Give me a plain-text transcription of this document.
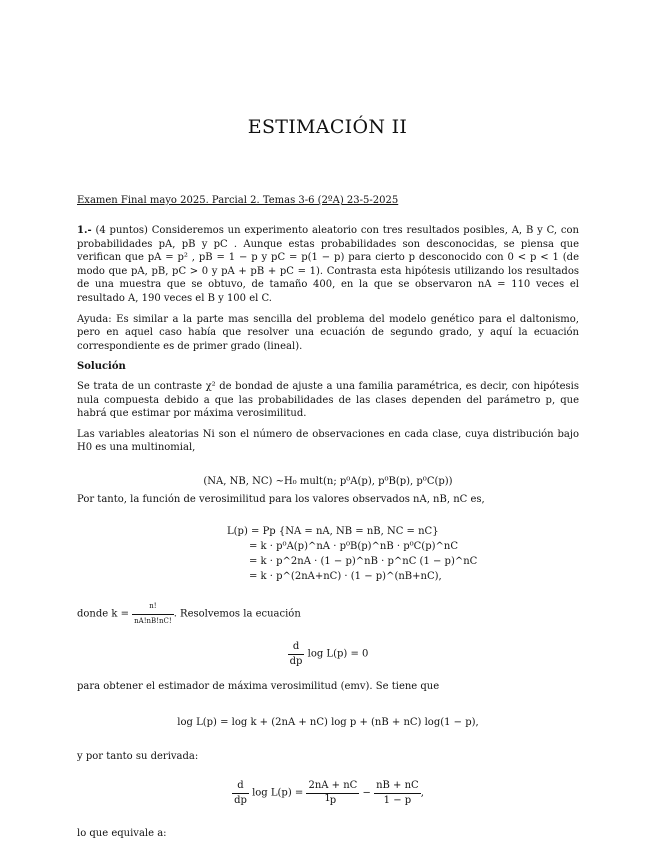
ESTIMACIÓN II
Examen Final mayo 2025. Parcial 2. Temas 3-6 (2ºA) 23-5-2025

1.- (4 puntos) Consideremos un experimento aleatorio con tres resultados posibles, A, B y C, con probabilidades pA, pB y pC . Aunque estas probabilidades son desconocidas, se piensa que verifican que pA = p² , pB = 1 − p y pC = p(1 − p) para cierto p desconocido con 0 < p < 1 (de modo que pA, pB, pC > 0 y pA + pB + pC = 1). Contrasta esta hipótesis utilizando los resultados de una muestra que se obtuvo, de tamaño 400, en la que se observaron nA = 110 veces el resultado A, 190 veces el B y 100 el C.

Ayuda: Es similar a la parte mas sencilla del problema del modelo genético para el daltonismo, pero en aquel caso había que resolver una ecuación de segundo grado, y aquí la ecuación correspondiente es de primer grado (lineal).

Solución

Se trata de un contraste χ² de bondad de ajuste a una familia paramétrica, es decir, con hipótesis nula compuesta debido a que las probabilidades de las clases dependen del parámetro p, que habrá que estimar por máxima verosimilitud.

Las variables aleatorias Ni son el número de observaciones en cada clase, cuya distribución bajo H0 es una multinomial,

(NA, NB, NC) ~H₀ mult(n; p⁰A(p), p⁰B(p), p⁰C(p))

Por tanto, la función de verosimilitud para los valores observados nA, nB, nC es,

L(p) = Pp {NA = nA, NB = nB, NC = nC}
= k · p⁰A(p)^nA · p⁰B(p)^nB · p⁰C(p)^nC
= k · p^2nA · (1 − p)^nB · p^nC (1 − p)^nC
= k · p^(2nA+nC) · (1 − p)^(nB+nC),

donde $k = \frac{n!}{nA!nB!nC!}$ . Resolvemos la ecuación

$\frac{d}{dp}$ log L(p) = 0

para obtener el estimador de máxima verosimilitud (emv). Se tiene que

log L(p) = log k + (2nA + nC) log p + (nB + nC) log(1 − p),

y por tanto su derivada:

$\frac{d}{dp}$ $\log L(p) = \frac{2nA + nC}{p} - \frac{nB + nC}{1 - p}$ ,

lo que equivale a:

1
